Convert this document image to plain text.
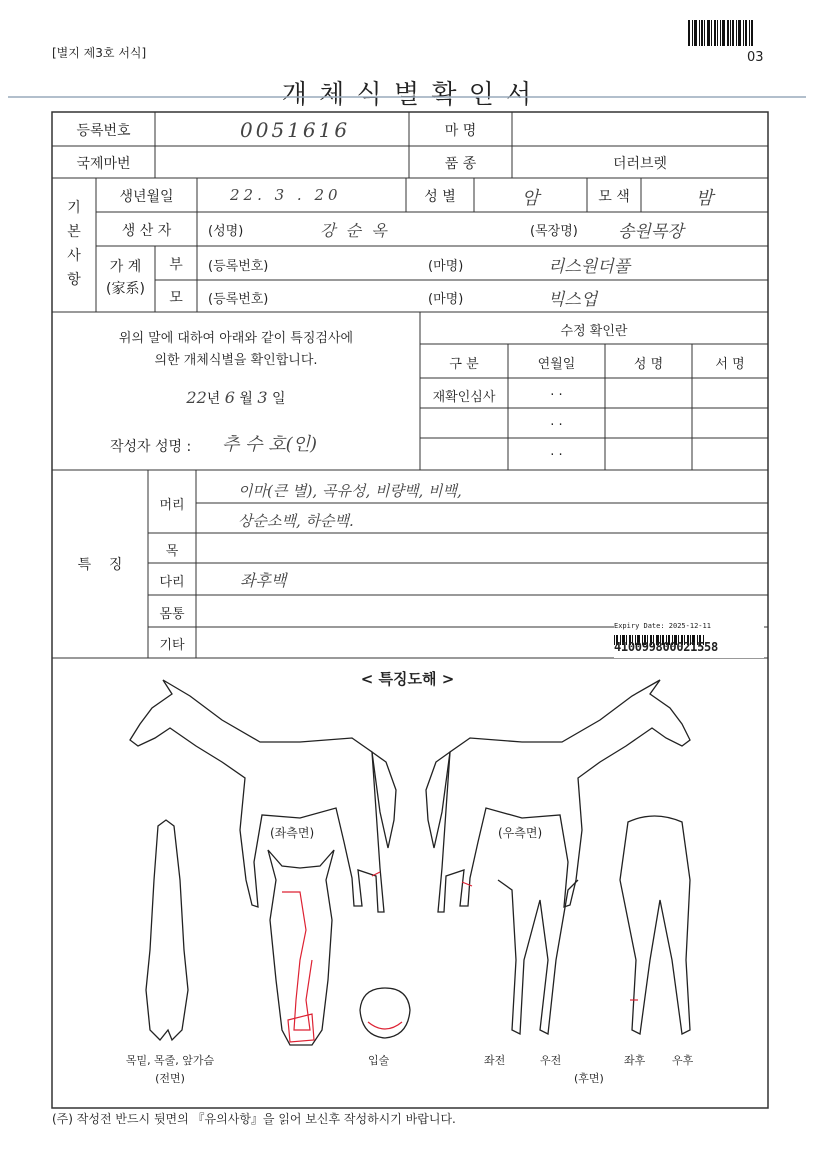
03
[별지 제3호 서식]
개 체 식 별 확 인 서
등록번호	0051616	마 명
국제마번	품 종	더러브렛
기
본
사
항
생년월일	22. 3 . 20	성 별	암	모 색	밤
생 산 자	(성명)	강  순  옥	(목장명) 송원목장
가 계
(家系)
부	(등록번호)	(마명)	리스원더풀
모	(등록번호)	(마명)	빅스업
위의 말에 대하여 아래와 같이 특징검사에
의한 개체식별을 확인합니다.
22년 6 월 3 일
작성자 성명 : 추 수 호(인)
수정 확인란
구 분	연월일	성 명	서 명
재확인심사	. .
. .
. .
특    징
머리
이마(큰 별), 곡유성, 비량백, 비백,
상순소백, 하순백.
목
다리	좌후백
몸통
기타
Expiry Date: 2025-12-11
410099800021558
< 특징도해 >
(좌측면)	(우측면)
목밑, 목줄, 앞가슴
(전면)
입술	좌전	우전
(후면)
좌후 우후
(주) 작성전 반드시 뒷면의 『유의사항』을 읽어 보신후 작성하시기 바랍니다.
